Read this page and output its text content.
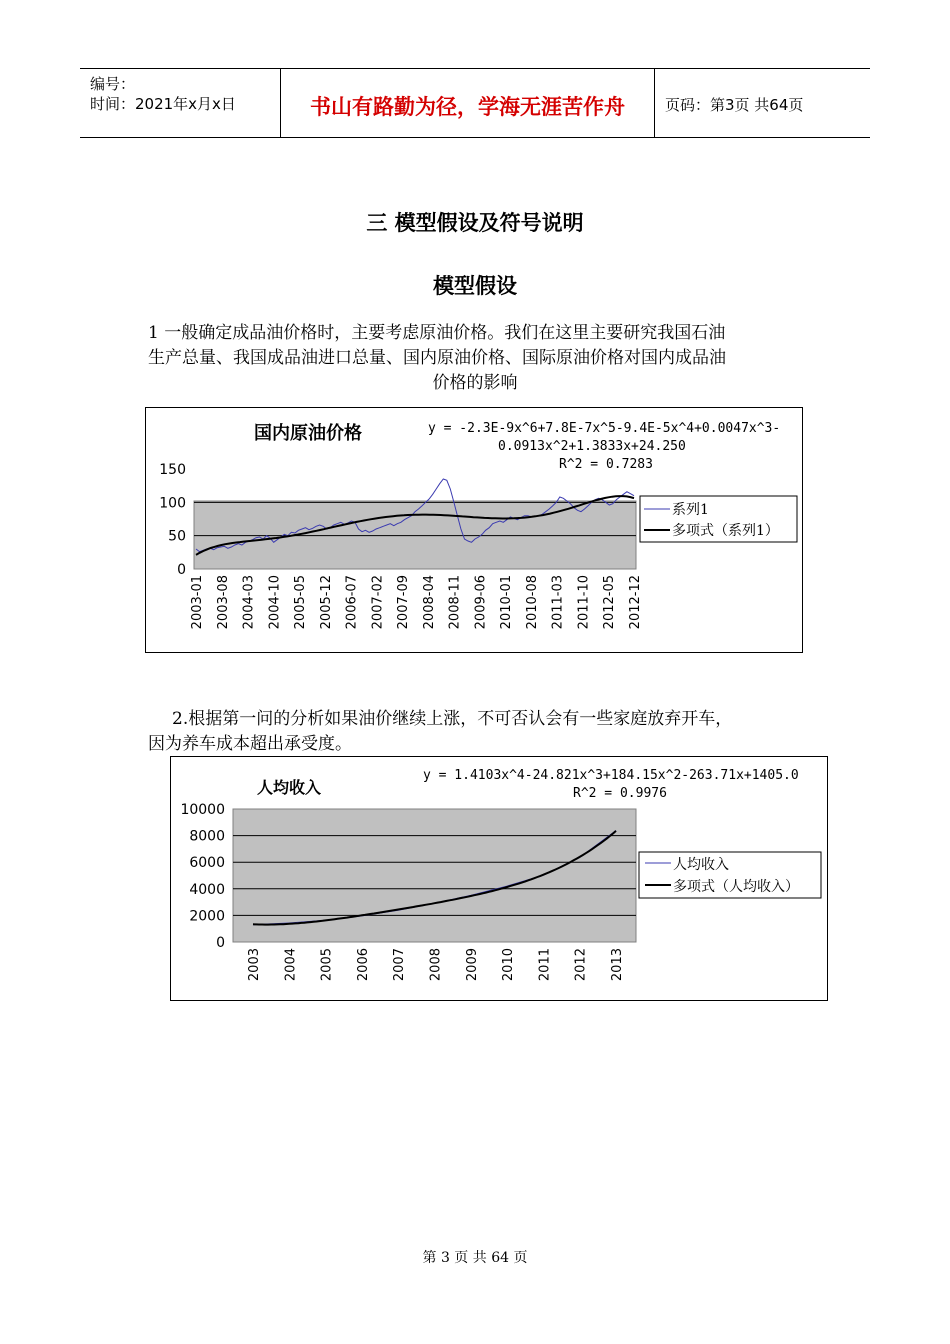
编号：
时间：2021年x月x日	书山有路勤为径，学海无涯苦作舟	页码：第3页 共64页
三 模型假设及符号说明
模型假设
1 一般确定成品油价格时，主要考虑原油价格。我们在这里主要研究我国石油
生产总量、我国成品油进口总量、国内原油价格、国际原油价格对国内成品油

价格的影响
0
50
100
150
2003-01 2003-08 2004-03 2004-10 2005-05 2005-12 2006-07 2007-02 2007-09 2008-04 2008-11 2009-06 2010-01 2010-08 2011-03 2011-10 2012-05 2012-12
国内原油价格	y = -2.3E-9x^6+7.8E-7x^5-9.4E-5x^4+0.0047x^3-
0.0913x^2+1.3833x+24.250
R^2 = 0.7283
系列1
多项式（系列1）
2.根据第一问的分析如果油价继续上涨，不可否认会有一些家庭放弃开车，
因为养车成本超出承受度。
0
2000
4000
6000
8000
10000
2003 2004 2005 2006 2007 2008 2009 2010 2011 2012 2013
人均收入
y = 1.4103x^4-24.821x^3+184.15x^2-263.71x+1405.0
R^2 = 0.9976
人均收入
多项式（人均收入）
第 3 页 共 64 页
